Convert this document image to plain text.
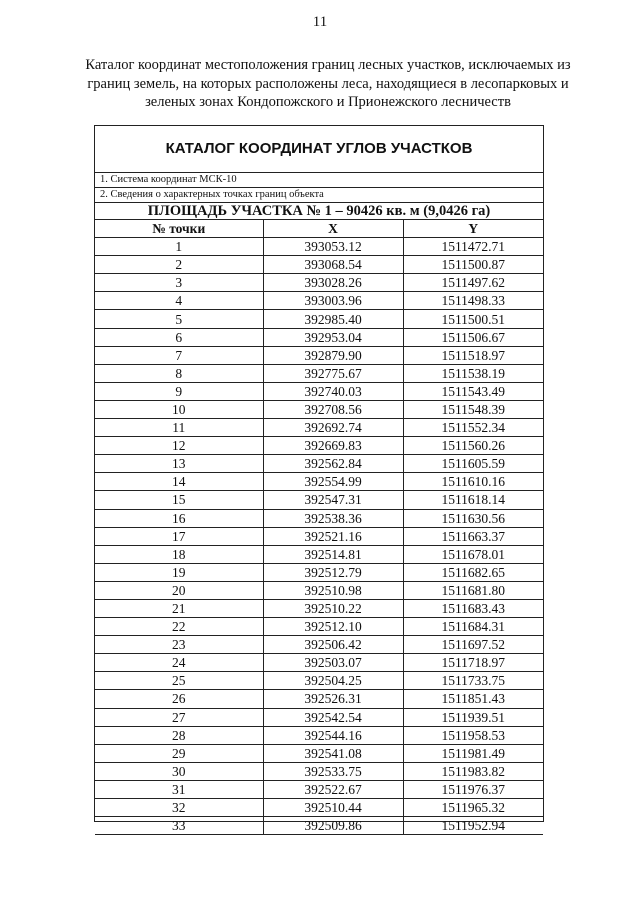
11
Каталог координат местоположения границ лесных участков, исключаемых из границ земель, на которых расположены леса, находящиеся в лесопарковых и зеленых зонах Кондопожского и Прионежского лесничеств
КАТАЛОГ КООРДИНАТ УГЛОВ УЧАСТКОВ
1. Система координат МСК-10
2. Сведения о характерных точках границ объекта
ПЛОЩАДЬ УЧАСТКА № 1 – 90426 кв. м (9,0426 га)
№ точки	X	Y
1	393053.12	1511472.71
2	393068.54	1511500.87
3	393028.26	1511497.62
4	393003.96	1511498.33
5	392985.40	1511500.51
6	392953.04	1511506.67
7	392879.90	1511518.97
8	392775.67	1511538.19
9	392740.03	1511543.49
10	392708.56	1511548.39
11	392692.74	1511552.34
12	392669.83	1511560.26
13	392562.84	1511605.59
14	392554.99	1511610.16
15	392547.31	1511618.14
16	392538.36	1511630.56
17	392521.16	1511663.37
18	392514.81	1511678.01
19	392512.79	1511682.65
20	392510.98	1511681.80
21	392510.22	1511683.43
22	392512.10	1511684.31
23	392506.42	1511697.52
24	392503.07	1511718.97
25	392504.25	1511733.75
26	392526.31	1511851.43
27	392542.54	1511939.51
28	392544.16	1511958.53
29	392541.08	1511981.49
30	392533.75	1511983.82
31	392522.67	1511976.37
32	392510.44	1511965.32
33	392509.86	1511952.94
